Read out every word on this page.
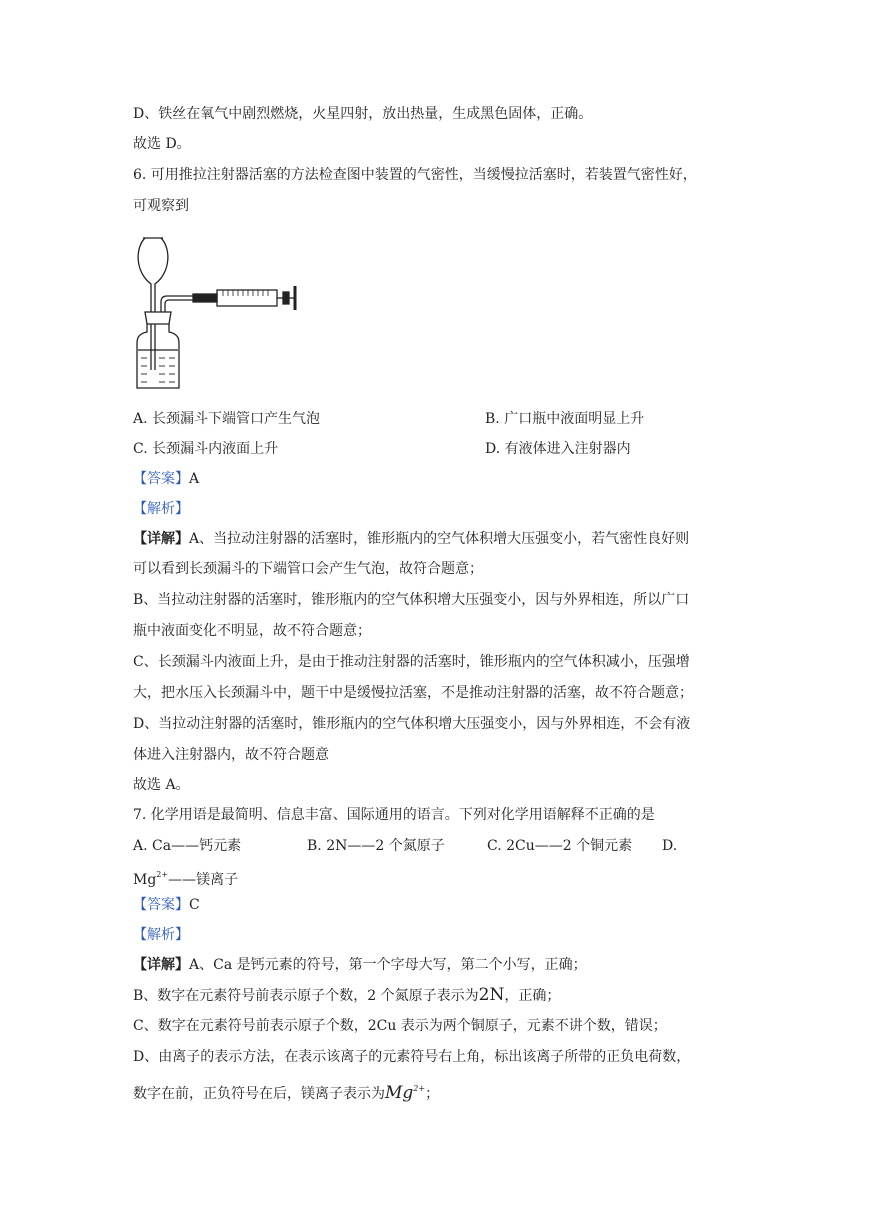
D、铁丝在氧气中剧烈燃烧，火星四射，放出热量，生成黑色固体，正确。
故选 D。
6. 可用推拉注射器活塞的方法检查图中装置的气密性，当缓慢拉活塞时，若装置气密性好，
可观察到
A. 长颈漏斗下端管口产生气泡	B. 广口瓶中液面明显上升
C. 长颈漏斗内液面上升	D. 有液体进入注射器内
【答案】A
【解析】
【详解】A、当拉动注射器的活塞时，锥形瓶内的空气体积增大压强变小，若气密性良好则
可以看到长颈漏斗的下端管口会产生气泡，故符合题意；
B、当拉动注射器的活塞时，锥形瓶内的空气体积增大压强变小，因与外界相连，所以广口
瓶中液面变化不明显，故不符合题意；
C、长颈漏斗内液面上升，是由于推动注射器的活塞时，锥形瓶内的空气体积减小，压强增
大，把水压入长颈漏斗中，题干中是缓慢拉活塞，不是推动注射器的活塞，故不符合题意；
D、当拉动注射器的活塞时，锥形瓶内的空气体积增大压强变小，因与外界相连，不会有液
体进入注射器内，故不符合题意
故选 A。
7. 化学用语是最简明、信息丰富、国际通用的语言。下列对化学用语解释不正确的是
A. Ca——钙元素	B. 2N——2 个氮原子	C. 2Cu——2 个铜元素 D.
$Mg^{2+}——$镁离子
【答案】C
【解析】
【详解】A、Ca 是钙元素的符号，第一个字母大写，第二个小写，正确；
B、数字在元素符号前表示原子个数，2 个氮原子表示为2N，正确；
C、数字在元素符号前表示原子个数，2Cu 表示为两个铜原子，元素不讲个数，错误；
D、由离子的表示方法，在表示该离子的元素符号右上角，标出该离子所带的正负电荷数，
数字在前，正负符号在后，镁离子表示为$Mg^{2+}$；
